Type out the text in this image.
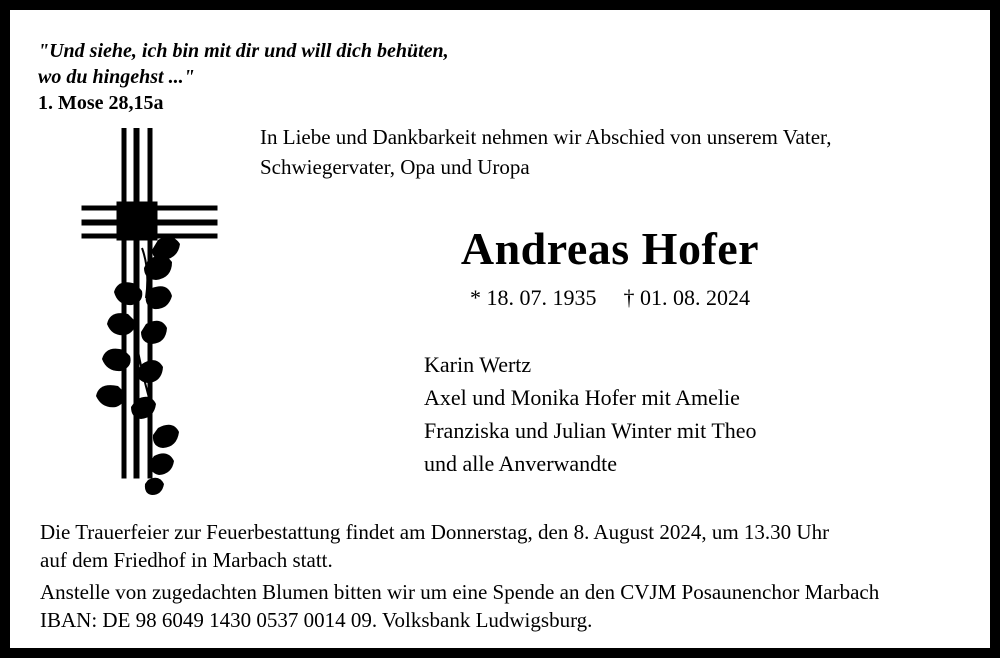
"Und siehe, ich bin mit dir und will dich behüten,
wo du hingehst ..."
1. Mose 28,15a
In Liebe und Dankbarkeit nehmen wir Abschied von unserem Vater,
Schwiegervater, Opa und Uropa
Andreas Hofer
* 18. 07. 1935 † 01. 08. 2024
Karin Wertz
Axel und Monika Hofer mit Amelie
Franziska und Julian Winter mit Theo
und alle Anverwandte
Die Trauerfeier zur Feuerbestattung findet am Donnerstag, den 8. August 2024, um 13.30 Uhr
auf dem Friedhof in Marbach statt.
Anstelle von zugedachten Blumen bitten wir um eine Spende an den CVJM Posaunenchor Marbach
IBAN: DE 98 6049 1430 0537 0014 09. Volksbank Ludwigsburg.
